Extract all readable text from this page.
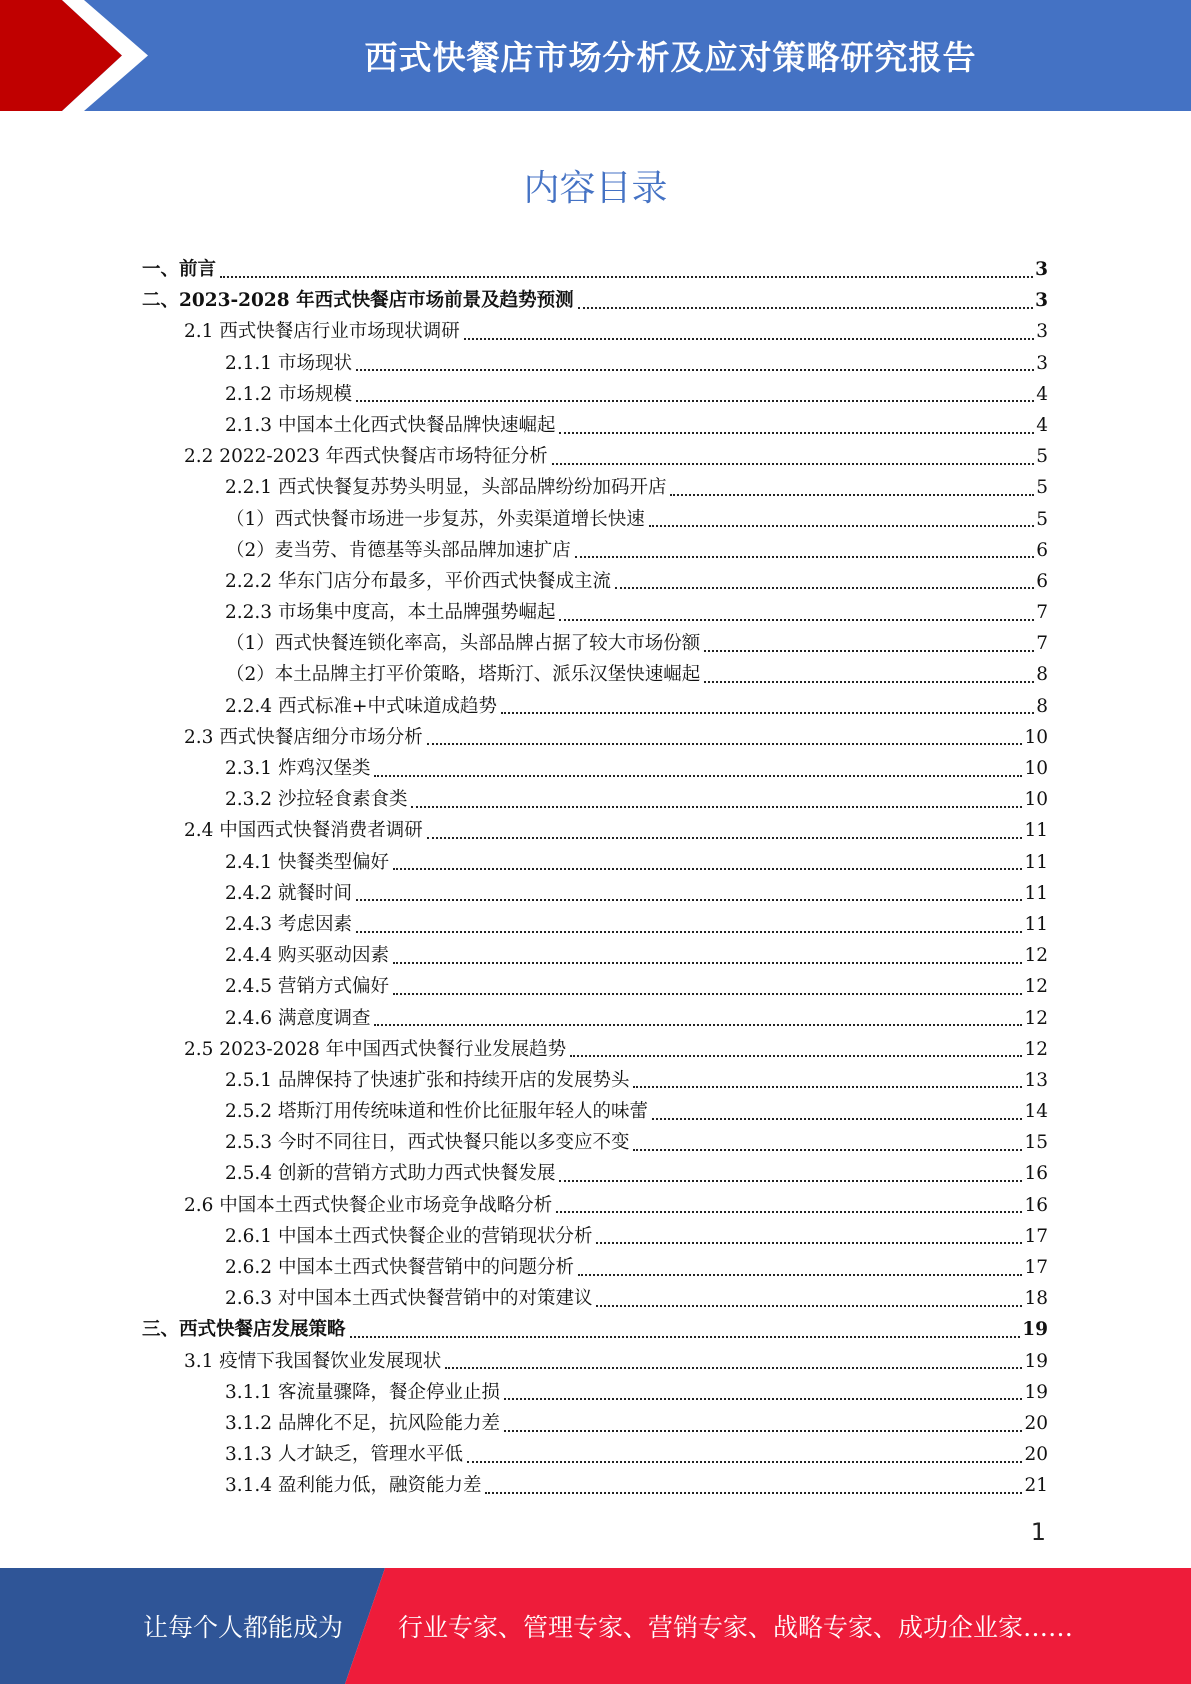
西式快餐店市场分析及应对策略研究报告
内容目录
一、前言	3
二、2023-2028 年西式快餐店市场前景及趋势预测	3
2.1 西式快餐店行业市场现状调研	3
2.1.1 市场现状	3
2.1.2 市场规模	4
2.1.3 中国本土化西式快餐品牌快速崛起	4
2.2 2022-2023 年西式快餐店市场特征分析	5
2.2.1 西式快餐复苏势头明显，头部品牌纷纷加码开店	5
（1）西式快餐市场进一步复苏，外卖渠道增长快速	5
（2）麦当劳、肯德基等头部品牌加速扩店	6
2.2.2 华东门店分布最多，平价西式快餐成主流	6
2.2.3 市场集中度高，本土品牌强势崛起	7
（1）西式快餐连锁化率高，头部品牌占据了较大市场份额	7
（2）本土品牌主打平价策略，塔斯汀、派乐汉堡快速崛起	8
2.2.4 西式标准+中式味道成趋势	8
2.3 西式快餐店细分市场分析	10
2.3.1 炸鸡汉堡类	10
2.3.2 沙拉轻食素食类	10
2.4 中国西式快餐消费者调研	11
2.4.1 快餐类型偏好	11
2.4.2 就餐时间	11
2.4.3 考虑因素	11
2.4.4 购买驱动因素	12
2.4.5 营销方式偏好	12
2.4.6 满意度调查	12
2.5 2023-2028 年中国西式快餐行业发展趋势	12
2.5.1 品牌保持了快速扩张和持续开店的发展势头	13
2.5.2 塔斯汀用传统味道和性价比征服年轻人的味蕾	14
2.5.3 今时不同往日，西式快餐只能以多变应不变	15
2.5.4 创新的营销方式助力西式快餐发展	16
2.6 中国本土西式快餐企业市场竞争战略分析	16
2.6.1 中国本土西式快餐企业的营销现状分析	17
2.6.2 中国本土西式快餐营销中的问题分析	17
2.6.3 对中国本土西式快餐营销中的对策建议	18
三、西式快餐店发展策略	19
3.1 疫情下我国餐饮业发展现状	19
3.1.1 客流量骤降，餐企停业止损	19
3.1.2 品牌化不足，抗风险能力差	20
3.1.3 人才缺乏，管理水平低	20
3.1.4 盈利能力低，融资能力差	21
1
让每个人都能成为 行业专家、管理专家、营销专家、战略专家、成功企业家……
